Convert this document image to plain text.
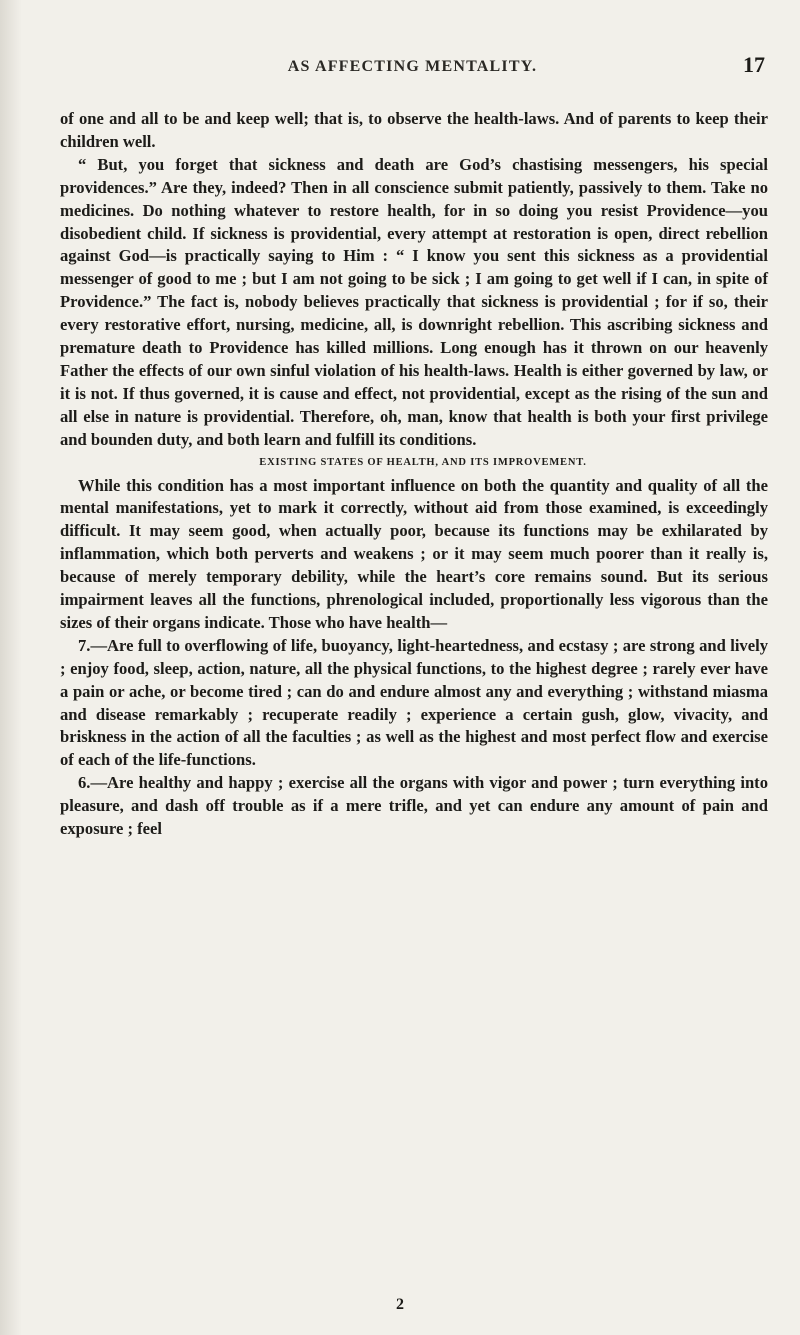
AS AFFECTING MENTALITY.	17

of one and all to be and keep well; that is, to observe the health-laws. And of parents to keep their children well.

“ But, you forget that sickness and death are God’s chastising messengers, his special providences.” Are they, indeed? Then in all conscience submit patiently, passively to them. Take no medicines. Do nothing whatever to restore health, for in so doing you resist Providence—you disobedient child. If sickness is providential, every attempt at restoration is open, direct rebellion against God—is practically saying to Him : “ I know you sent this sickness as a providential messenger of good to me ; but I am not going to be sick ; I am going to get well if I can, in spite of Providence.” The fact is, nobody believes practically that sickness is providential ; for if so, their every restorative effort, nursing, medicine, all, is downright rebellion. This ascribing sickness and premature death to Providence has killed millions. Long enough has it thrown on our heavenly Father the effects of our own sinful violation of his health-laws. Health is either governed by law, or it is not. If thus governed, it is cause and effect, not providential, except as the rising of the sun and all else in nature is providential. Therefore, oh, man, know that health is both your first privilege and bounden duty, and both learn and fulfill its conditions.

EXISTING STATES OF HEALTH, AND ITS IMPROVEMENT.

While this condition has a most important influence on both the quantity and quality of all the mental manifestations, yet to mark it correctly, without aid from those examined, is exceedingly difficult. It may seem good, when actually poor, because its functions may be exhilarated by inflammation, which both perverts and weakens ; or it may seem much poorer than it really is, because of merely temporary debility, while the heart’s core remains sound. But its serious impairment leaves all the functions, phrenological included, proportionally less vigorous than the sizes of their organs indicate. Those who have health—

7.—Are full to overflowing of life, buoyancy, light-heartedness, and ecstasy ; are strong and lively ; enjoy food, sleep, action, nature, all the physical functions, to the highest degree ; rarely ever have a pain or ache, or become tired ; can do and endure almost any and everything ; withstand miasma and disease remarkably ; recuperate readily ; experience a certain gush, glow, vivacity, and briskness in the action of all the faculties ; as well as the highest and most perfect flow and exercise of each of the life-functions.

6.—Are healthy and happy ; exercise all the organs with vigor and power ; turn everything into pleasure, and dash off trouble as if a mere trifle, and yet can endure any amount of pain and exposure ; feel

2
